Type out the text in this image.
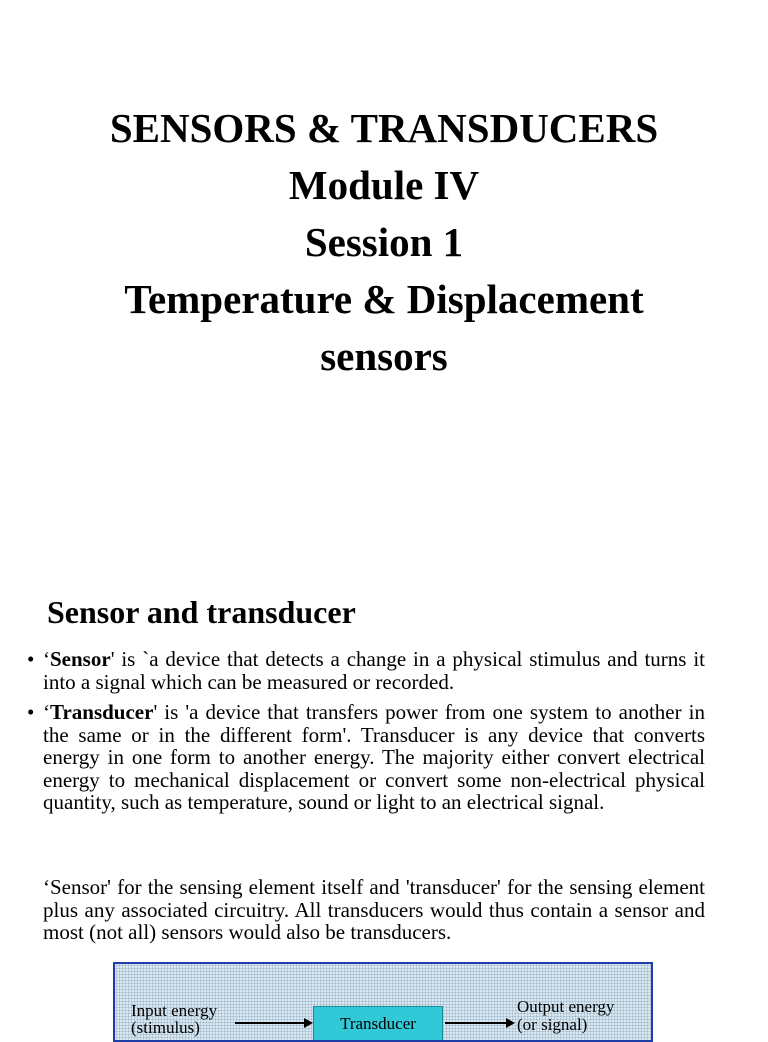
SENSORS & TRANSDUCERS
Module IV
Session 1
Temperature & Displacement
sensors
Sensor and transducer
• ‘Sensor' is `a device that detects a change in a physical stimulus and turns it into a signal which can be measured or recorded.
• ‘Transducer' is 'a device that transfers power from one system to another in the same or in the different form'. Transducer is any device that converts energy in one form to another energy. The majority either convert electrical energy to mechanical displacement or convert some non-electrical physical quantity, such as temperature, sound or light to an electrical signal.
‘Sensor' for the sensing element itself and 'transducer' for the sensing element plus any associated circuitry. All transducers would thus contain a sensor and most (not all) sensors would also be transducers.
Input energy
(stimulus)	Transducer
Output energy
(or signal)
